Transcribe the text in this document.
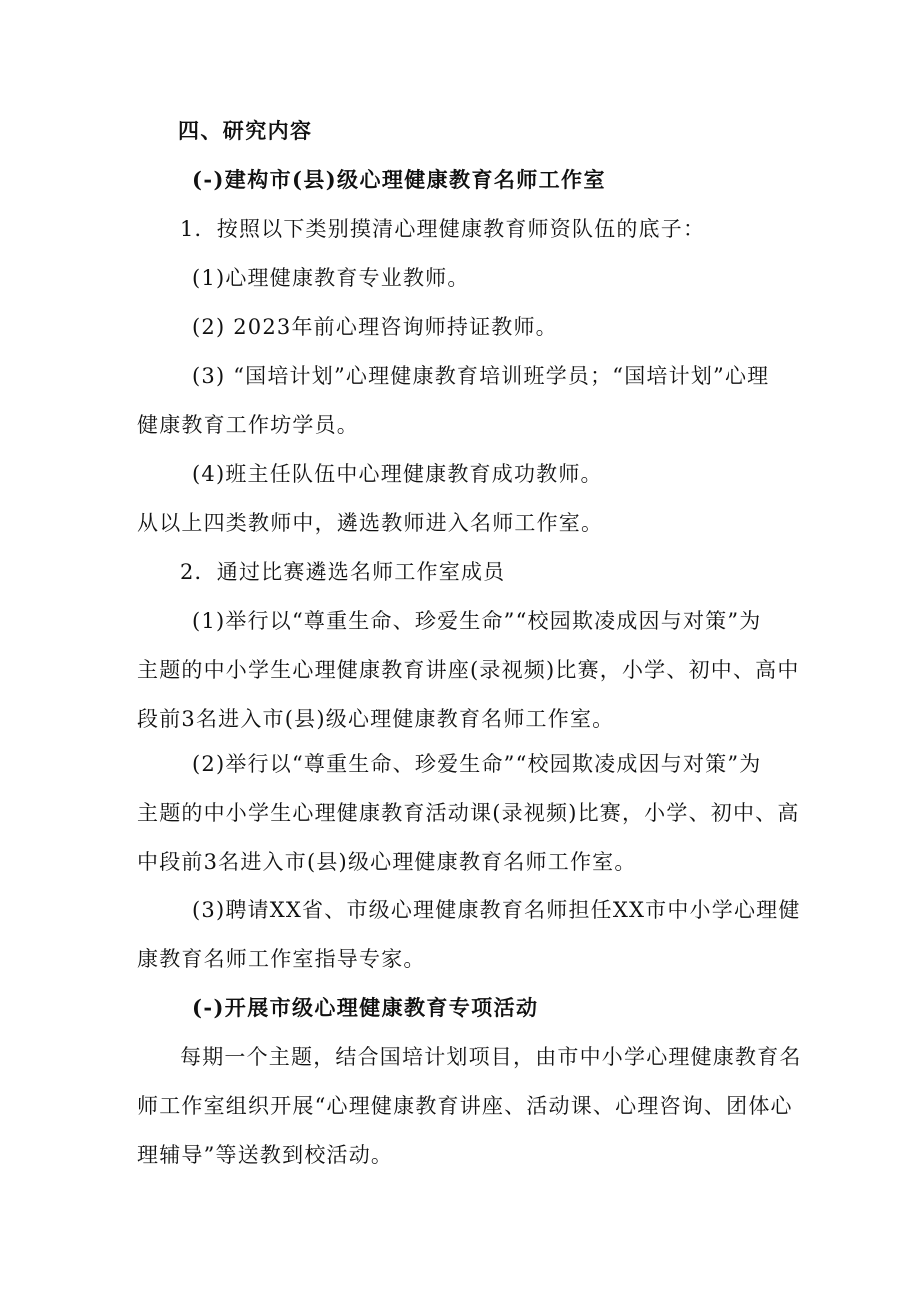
四、研究内容
(-)建构市(县)级心理健康教育名师工作室
1．按照以下类别摸清心理健康教育师资队伍的底子：
(1)心理健康教育专业教师。
(2) 2023年前心理咨询师持证教师。
(3) “国培计划”心理健康教育培训班学员；“国培计划”心理
健康教育工作坊学员。
(4)班主任队伍中心理健康教育成功教师。
从以上四类教师中，遴选教师进入名师工作室。
2．通过比赛遴选名师工作室成员
(1)举行以“尊重生命、珍爱生命”“校园欺凌成因与对策”为
主题的中小学生心理健康教育讲座(录视频)比赛，小学、初中、高中
段前3名进入市(县)级心理健康教育名师工作室。
(2)举行以“尊重生命、珍爱生命”“校园欺凌成因与对策”为
主题的中小学生心理健康教育活动课(录视频)比赛，小学、初中、高
中段前3名进入市(县)级心理健康教育名师工作室。
(3)聘请XX省、市级心理健康教育名师担任XX市中小学心理健
康教育名师工作室指导专家。
(-)开展市级心理健康教育专项活动
每期一个主题，结合国培计划项目，由市中小学心理健康教育名
师工作室组织开展“心理健康教育讲座、活动课、心理咨询、团体心
理辅导”等送教到校活动。
